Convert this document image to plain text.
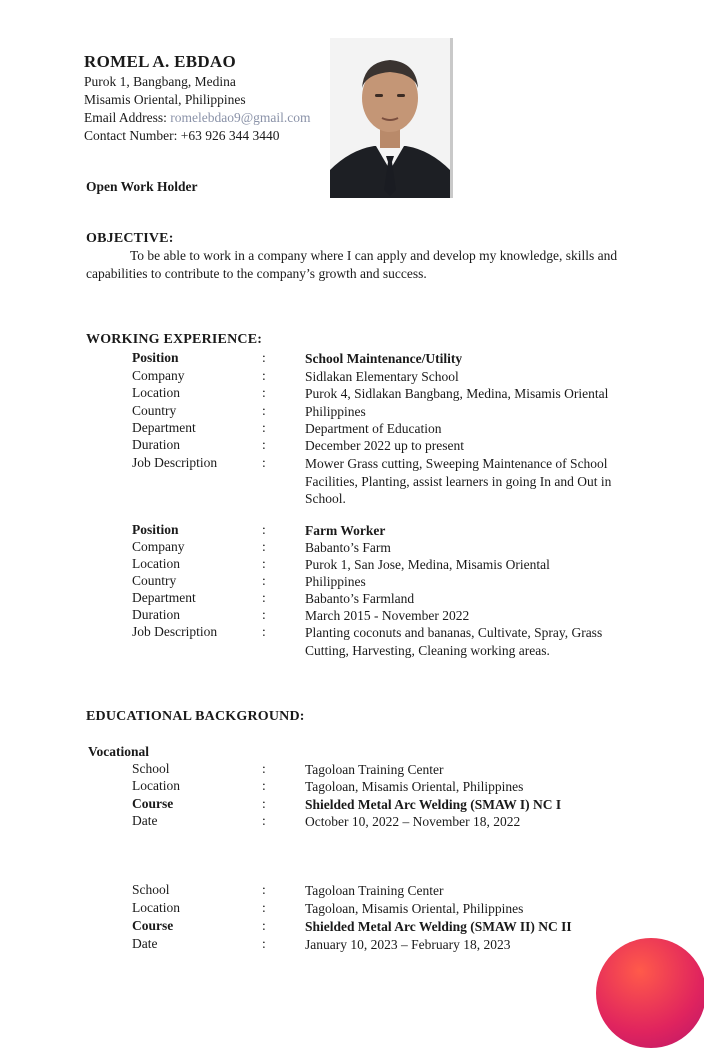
ROMEL A. EBDAO
Purok 1, Bangbang, Medina
Misamis Oriental, Philippines
Email Address: romelebdao9@gmail.com
Contact Number: +63 926 344 3440
Open Work Holder
OBJECTIVE:
To be able to work in a company where I can apply and develop my knowledge, skills and capabilities to contribute to the company’s growth and success.
WORKING EXPERIENCE:
Position	:	School Maintenance/Utility
Company	:	Sidlakan Elementary School
Location	:	Purok 4, Sidlakan Bangbang, Medina, Misamis Oriental
Country	:	Philippines
Department	:	Department of Education
Duration	:	December 2022 up to present
Job Description	:	Mower Grass cutting, Sweeping Maintenance of School Facilities, Planting, assist learners in going In and Out in School.
Position	:	Farm Worker
Company	:	Babanto’s Farm
Location	:	Purok 1, San Jose, Medina, Misamis Oriental
Country	:	Philippines
Department	:	Babanto’s Farmland
Duration	:	March 2015 - November 2022
Job Description	:	Planting coconuts and bananas, Cultivate, Spray, Grass Cutting, Harvesting, Cleaning working areas.
EDUCATIONAL BACKGROUND:
Vocational
School	:	Tagoloan Training Center
Location	:	Tagoloan, Misamis Oriental, Philippines
Course	:	Shielded Metal Arc Welding (SMAW I) NC I
Date	:	October 10, 2022 – November 18, 2022
School	:	Tagoloan Training Center
Location	:	Tagoloan, Misamis Oriental, Philippines
Course	:	Shielded Metal Arc Welding (SMAW II) NC II
Date	:	January 10, 2023 – February 18, 2023
